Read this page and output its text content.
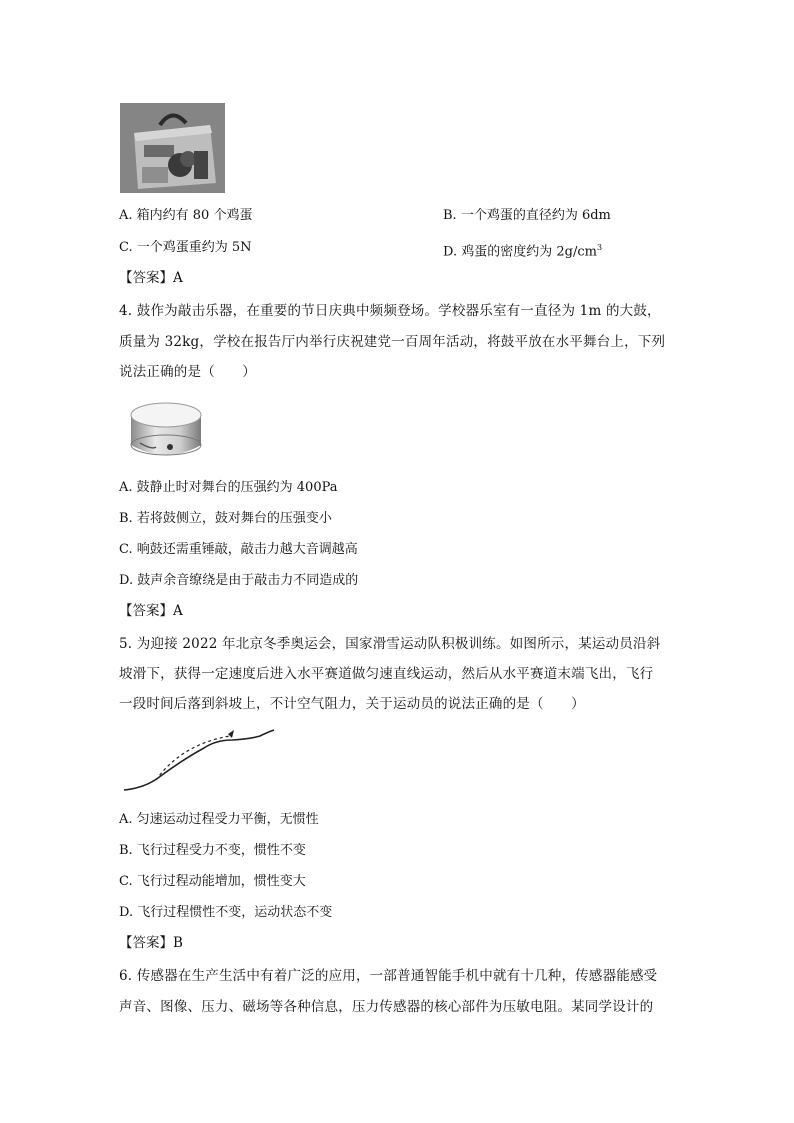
A. 箱内约有 80 个鸡蛋	B. 一个鸡蛋的直径约为 6dm
C. 一个鸡蛋重约为 5N	D. 鸡蛋的密度约为 $2g/cm^3$
【答案】A
4. 鼓作为敲击乐器，在重要的节日庆典中频频登场。学校器乐室有一直径为 1m 的大鼓，
质量为 32kg，学校在报告厅内举行庆祝建党一百周年活动，将鼓平放在水平舞台上，下列
说法正确的是（　　）
A. 鼓静止时对舞台的压强约为 400Pa
B. 若将鼓侧立，鼓对舞台的压强变小
C. 响鼓还需重锤敲，敲击力越大音调越高
D. 鼓声余音缭绕是由于敲击力不同造成的
【答案】A
5. 为迎接 2022 年北京冬季奥运会，国家滑雪运动队积极训练。如图所示，某运动员沿斜
坡滑下，获得一定速度后进入水平赛道做匀速直线运动，然后从水平赛道末端飞出，飞行
一段时间后落到斜坡上，不计空气阻力，关于运动员的说法正确的是（　　）
A. 匀速运动过程受力平衡，无惯性
B. 飞行过程受力不变，惯性不变
C. 飞行过程动能增加，惯性变大
D. 飞行过程惯性不变，运动状态不变
【答案】B
6. 传感器在生产生活中有着广泛的应用，一部普通智能手机中就有十几种，传感器能感受
声音、图像、压力、磁场等各种信息，压力传感器的核心部件为压敏电阻。某同学设计的
